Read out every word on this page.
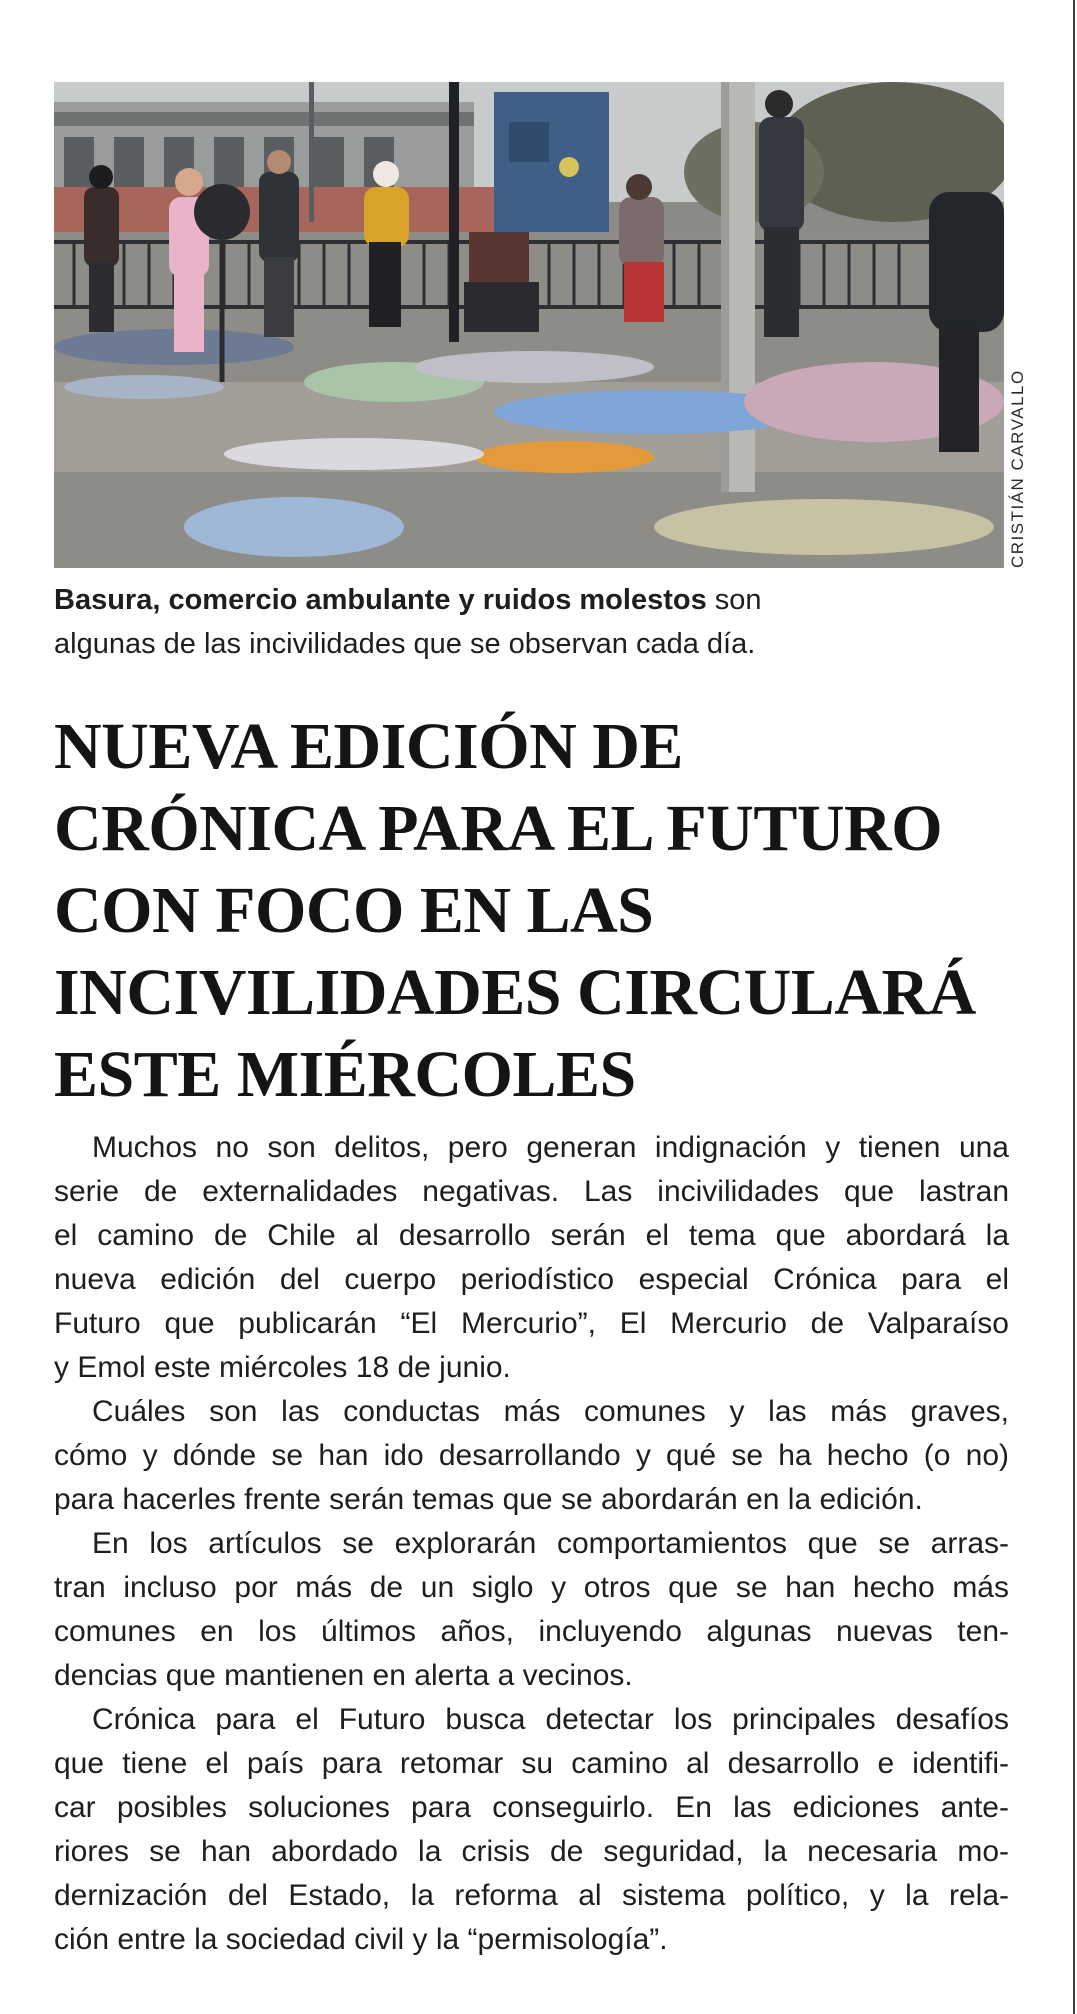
CRISTIÁN CARVALLO
Basura, comercio ambulante y ruidos molestos son
algunas de las incivilidades que se observan cada día.
NUEVA EDICIÓN DE
CRÓNICA PARA EL FUTURO
CON FOCO EN LAS
INCIVILIDADES CIRCULARÁ
ESTE MIÉRCOLES
Muchos no son delitos, pero generan indignación y tienen una
serie de externalidades negativas. Las incivilidades que lastran
el camino de Chile al desarrollo serán el tema que abordará la
nueva edición del cuerpo periodístico especial Crónica para el
Futuro que publicarán “El Mercurio”, El Mercurio de Valparaíso
y Emol este miércoles 18 de junio.
Cuáles son las conductas más comunes y las más graves,
cómo y dónde se han ido desarrollando y qué se ha hecho (o no)
para hacerles frente serán temas que se abordarán en la edición.
En los artículos se explorarán comportamientos que se arras-
tran incluso por más de un siglo y otros que se han hecho más
comunes en los últimos años, incluyendo algunas nuevas ten-
dencias que mantienen en alerta a vecinos.
Crónica para el Futuro busca detectar los principales desafíos
que tiene el país para retomar su camino al desarrollo e identifi-
car posibles soluciones para conseguirlo. En las ediciones ante-
riores se han abordado la crisis de seguridad, la necesaria mo-
dernización del Estado, la reforma al sistema político, y la rela-
ción entre la sociedad civil y la “permisología”.
